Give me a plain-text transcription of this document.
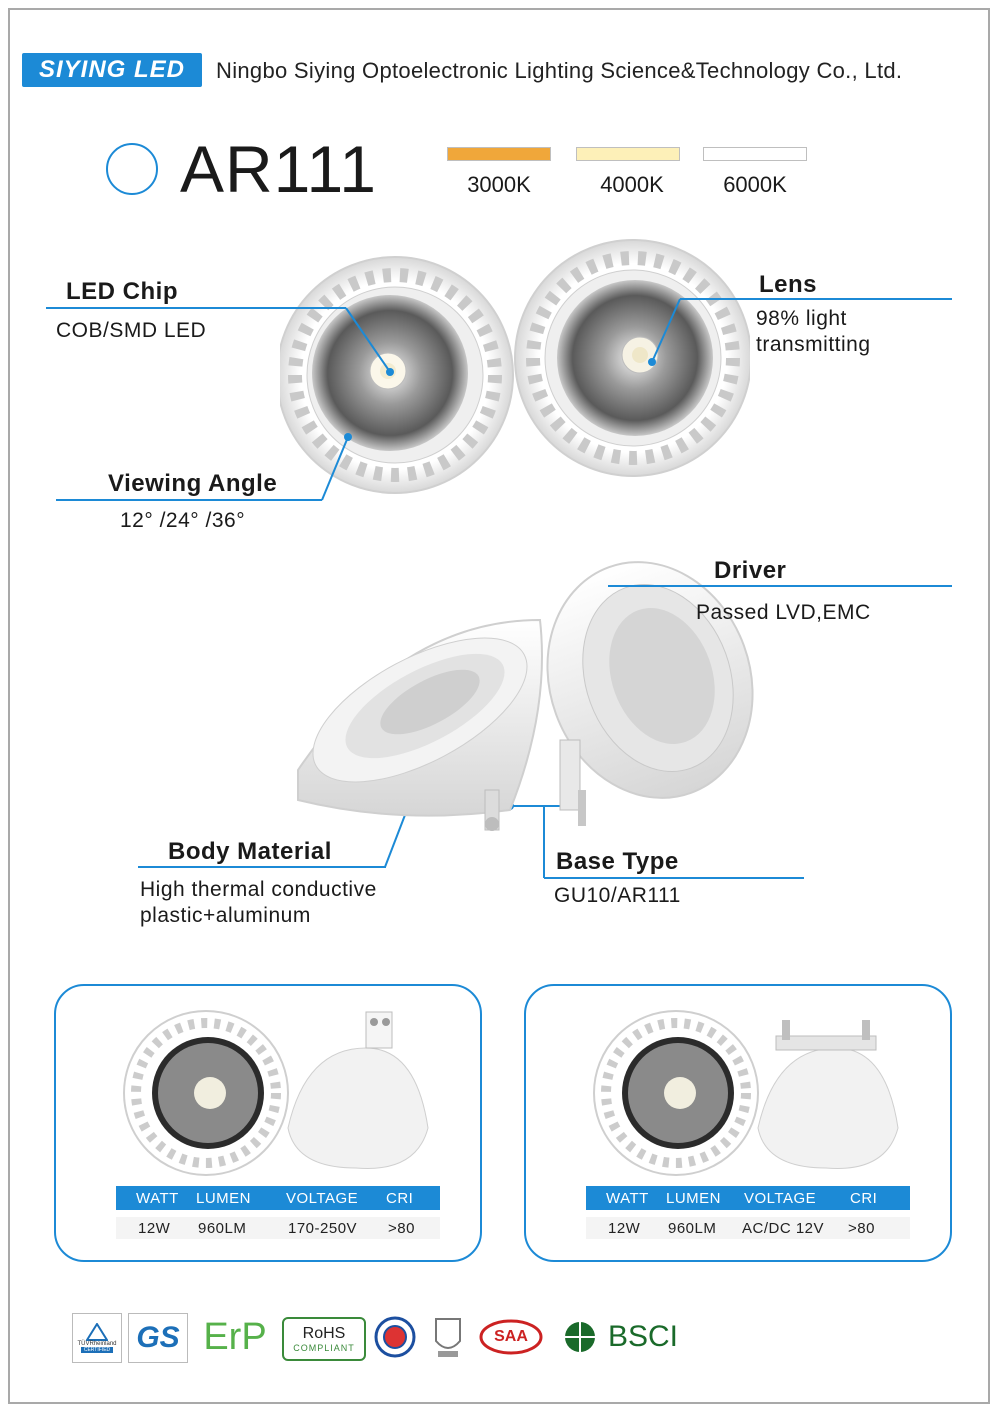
SIYING LED Ningbo Siying Optoelectronic Lighting Science&Technology Co., Ltd.
AR111	3000K	4000K	6000K
LED Chip
COB/SMD LED
Lens
98% light
transmitting
Viewing Angle
12° /24° /36°
Driver
Passed LVD,EMC
Body Material
High thermal conductive
plastic+aluminum
Base Type
GU10/AR111
WATT LUMEN VOLTAGE CRI
12W 960LM	170-250V >80
WATT LUMEN VOLTAGE CRI
12W 960LM AC/DC 12V >80
TÜVRheinland
CERTIFIED GS ErP RoHS
COMPLIANT
SAA	BSCI
